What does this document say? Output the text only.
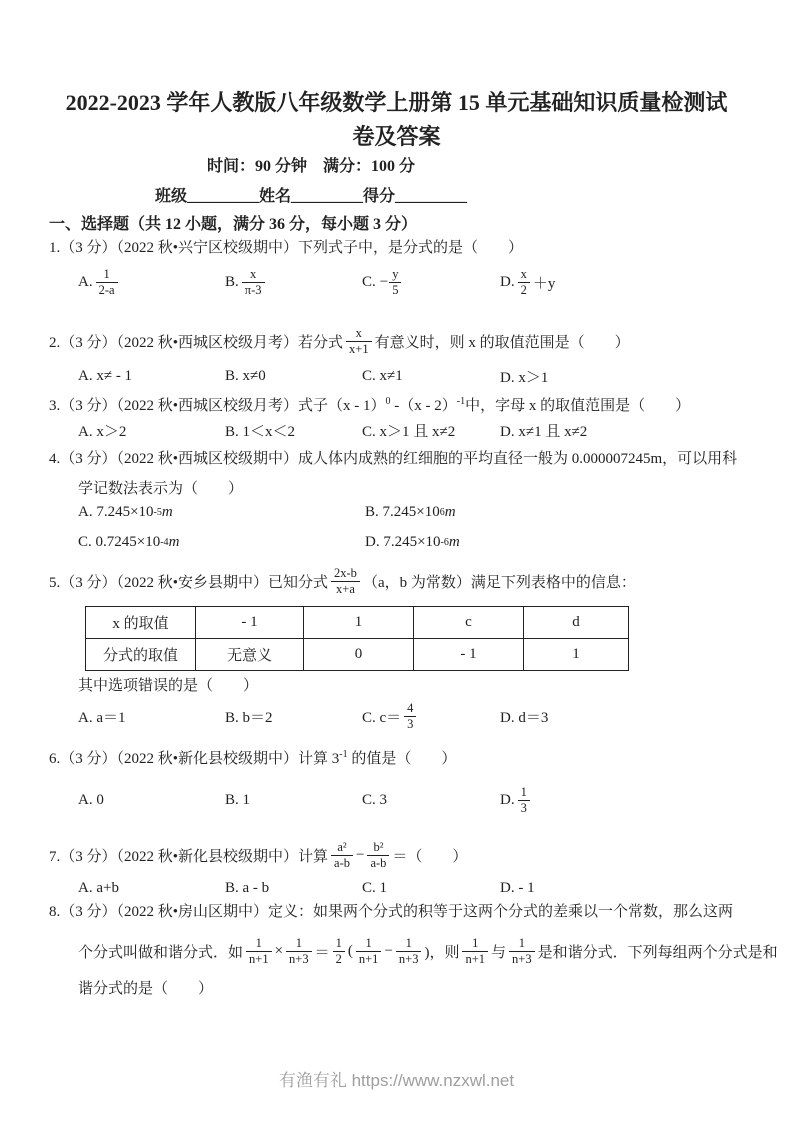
2022-2023 学年人教版八年级数学上册第 15 单元基础知识质量检测试
卷及答案
时间：90 分钟　满分：100 分
班级_________姓名_________得分_________
一、选择题（共 12 小题，满分 36 分，每小题 3 分）
1.（3 分）（2022 秋•兴宁区校级期中）下列式子中，是分式的是（　　）
A. $\frac{1}{2-a}$	B. $\frac{x}{\pi-3}$	C. − $\frac{y}{5}$	D. $\frac{x}{2} +y$
2.（3 分）（2022 秋•西城区校级月考）若分式 $\frac{x}{x+1}$ 有意义时，则 x 的取值范围是（　　）
A. x≠ - 1	B. x≠0	C. x≠1	D. x＞1
3.（3 分）（2022 秋•西城区校级月考）式子（x - 1）$^0$ -（x - 2）$^{-1}$中，字母 x 的取值范围是（　　）
A. x＞2	B. 1＜x＜2	C. x＞1 且 x≠2	D. x≠1 且 x≠2
4.（3 分）（2022 秋•西城区校级期中）成人体内成熟的红细胞的平均直径一般为 0.000007245m，可以用科
学记数法表示为（　　）
A. 7.245×10 -5 m	B. 7.245×10 6 m
C. 0.7245×10 -4 m	D. 7.245×10 -6 m
5.（3 分）（2022 秋•安乡县期中）已知分式 $\frac{2x-b}{x+a} (a$，b 为常数）满足下列表格中的信息：
x 的取值	- 1	1	c	d
分式的取值	无意义	0	- 1	1
其中选项错误的是（　　）
A. a＝1	B. b＝2	C. $c= \frac{4}{3}$	D. d＝3
6.（3 分）（2022 秋•新化县校级期中）计算 $3^{-1}$ 的值是（　　）
A. 0	B. 1	C. 3	D. $\frac{1}{3}$
7.（3 分）（2022 秋•新化县校级期中）计算 $\frac{\text{a²}}{a-b} - \frac{\text{b²}}{a-b}$ ＝（　　）
A. a+b	B. a - b	C. 1	D. - 1
8.（3 分）（2022 秋•房山区期中）定义：如果两个分式的积等于这两个分式的差乘以一个常数，那么这两
个分式叫做和谐分式．如 $\frac{1}{n+1} \times \frac{1}{n+3} = \frac{1}{2}$ ( $\frac{1}{n+1} - \frac{1}{n+3}$ )，则 $\frac{1}{n+1}$ 与 $\frac{1}{n+3}$ 是和谐分式．下列每组两个分式是和
谐分式的是（　　）
有渔有礼 https://www.nzxwl.net
